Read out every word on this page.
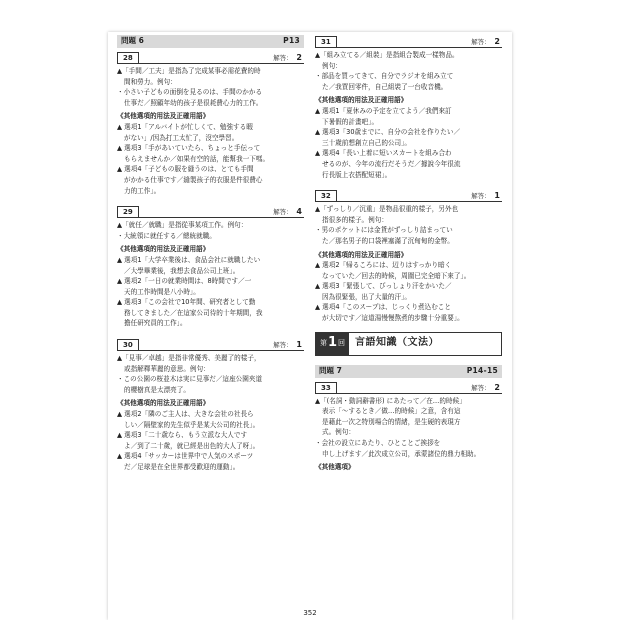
問題 6	P13
28	解答： 2

▲「手間／工夫」是指為了完成某事必需花費的時
間和勞力。例句：

・小さい子どもの面倒を見るのは、手間のかかる
仕事だ／照顧年幼的孩子是很耗費心力的工作。

《其他選項的用法及正確用語》

▲ 選項1「アルバイトが忙しくて、勉強する暇
がない」/因為打工太忙了，沒空學習。

▲ 選項3「手があいていたら、ちょっと手伝って
もらえませんか／如果有空的話，能幫我一下嗎。

▲ 選項4「子どもの服を縫うのは、とても手間
がかかる仕事です／縫製孩子的衣服是件很費心
力的工作」。

29	解答： 4

▲「就任／就職」是指從事某項工作。例句：

・大統領に就任する／總統就職。

《其他選項的用法及正確用語》

▲ 選項1「大学卒業後は、食品会社に就職したい
／大學畢業後，我想去食品公司上班」。

▲ 選項2「一日の就業時間は、8時間です／一
天的工作時間是八小時」。

▲ 選項3「この会社で10年間、研究者として勤
務してきました／在這家公司待的十年期間，我
擔任研究員的工作」。

30	解答： 1

▲「見事／卓越」是指非常優秀、美麗了的樣子，
或指解釋華麗的意思。例句：

・この公園の桜並木は実に見事だ／這座公園夾道
的櫻樹真是太漂亮了。

《其他選項的用法及正確用語》

▲ 選項2「隣のご主人は、大きな会社の社長ら
しい／隔壁家的先生似乎是某大公司的社長」。

▲ 選項3「二十歳なら、もう立派な大人です
よ／到了二十歲，就已經是出色的大人了呀」。

▲ 選項4「サッカーは世界中で人気のスポーツ
だ／足球是在全世界都受歡迎的運動」。

31	解答： 2

▲「組み立てる／組裝」是指組合製成一樣物品。
例句：

・部品を買ってきて、自分でラジオを組み立て
た／我買回零件，自己組裝了一台收音機。

《其他選項的用法及正確用語》

▲ 選項1「夏休みの予定を立てよう／我們來訂
下暑假的計畫吧」。

▲ 選項3「30歳までに、自分の会社を作りたい／
三十歲前想創立自己的公司」。

▲ 選項4「長い上着に短いスカートを組み合わ
せるのが、今年の流行だそうだ／據說今年很流
行長版上衣搭配短裙」。

32	解答： 1

▲「ずっしり／沉重」是物品很重的樣子，另外也
指很多的樣子。例句：

・男のポケットには金貨がずっしり詰まってい
た／那名男子的口袋裡塞滿了沉甸甸的金幣。

《其他選項的用法及正確用語》

▲ 選項2「帰るころには、辺りはすっかり暗く
なっていた／回去的時候，周圍已完全暗下來了」。

▲ 選項3「緊張して、びっしょり汗をかいた／
因為很緊張，出了大量的汗」。

▲ 選項4「このスープは、じっくり煮込むこと
が大切です／這道湯慢慢熬煮的步驟十分重要」。

第 1 回 言語知識（文法）
問題 7	P14-15
33	解答： 2

▲「(名詞・動詞辭書形) にあたって／在…的時候」
表示「～するとき／做…的時候」之意，含有這
是藉此一次之特別場合的情緒，是生硬的表現方
式。例句：

・会社の設立にあたり、ひとことご挨拶を
申し上げます／此次成立公司，承蒙諸位的鼎力相助。

《其他選項》

352
